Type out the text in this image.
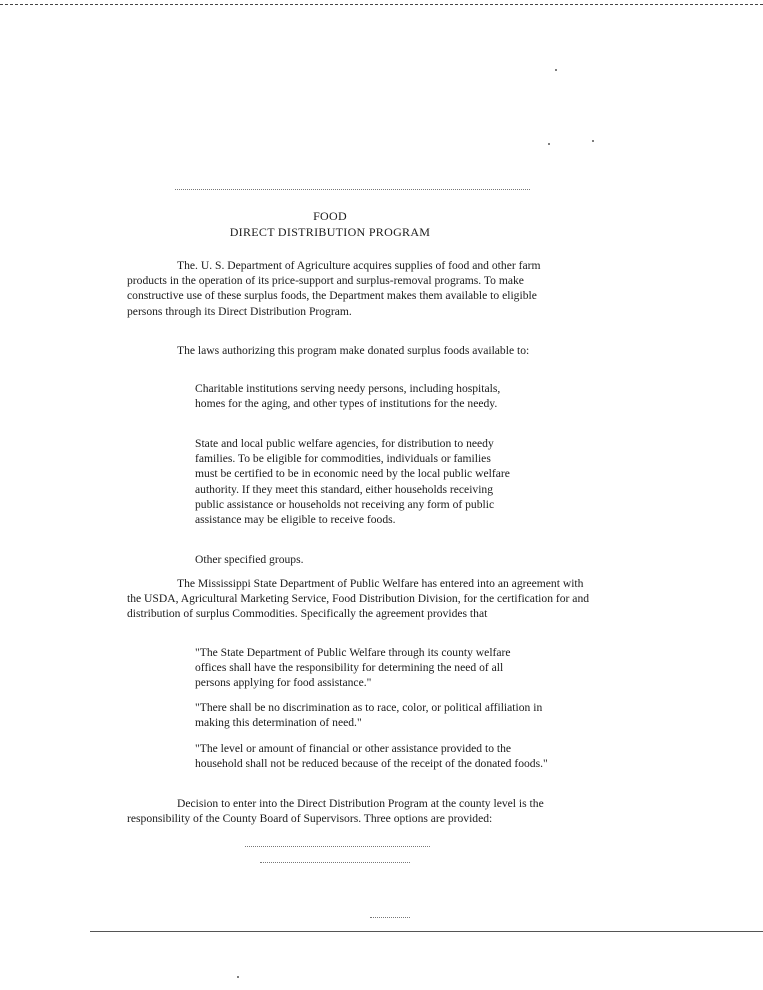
FOOD
DIRECT DISTRIBUTION PROGRAM

The. U. S. Department of Agriculture acquires supplies of food and other farm products in the operation of its price-support and surplus-removal programs. To make constructive use of these surplus foods, the Department makes them available to eligible persons through its Direct Distribution Program.

The laws authorizing this program make donated surplus foods available to:

Charitable institutions serving needy persons, including hospitals, homes for the aging, and other types of institutions for the needy.

State and local public welfare agencies, for distribution to needy families. To be eligible for commodities, individuals or families must be certified to be in economic need by the local public welfare authority. If they meet this standard, either households receiving public assistance or households not receiving any form of public assistance may be eligible to receive foods.

Other specified groups.

The Mississippi State Department of Public Welfare has entered into an agreement with the USDA, Agricultural Marketing Service, Food Distribution Division, for the certification for and distribution of surplus Commodities. Specifically the agreement provides that

"The State Department of Public Welfare through its county welfare offices shall have the responsibility for determining the need of all persons applying for food assistance."

"There shall be no discrimination as to race, color, or political affiliation in making this determination of need."

"The level or amount of financial or other assistance provided to the household shall not be reduced because of the receipt of the donated foods."

Decision to enter into the Direct Distribution Program at the county level is the responsibility of the County Board of Supervisors. Three options are provided:
